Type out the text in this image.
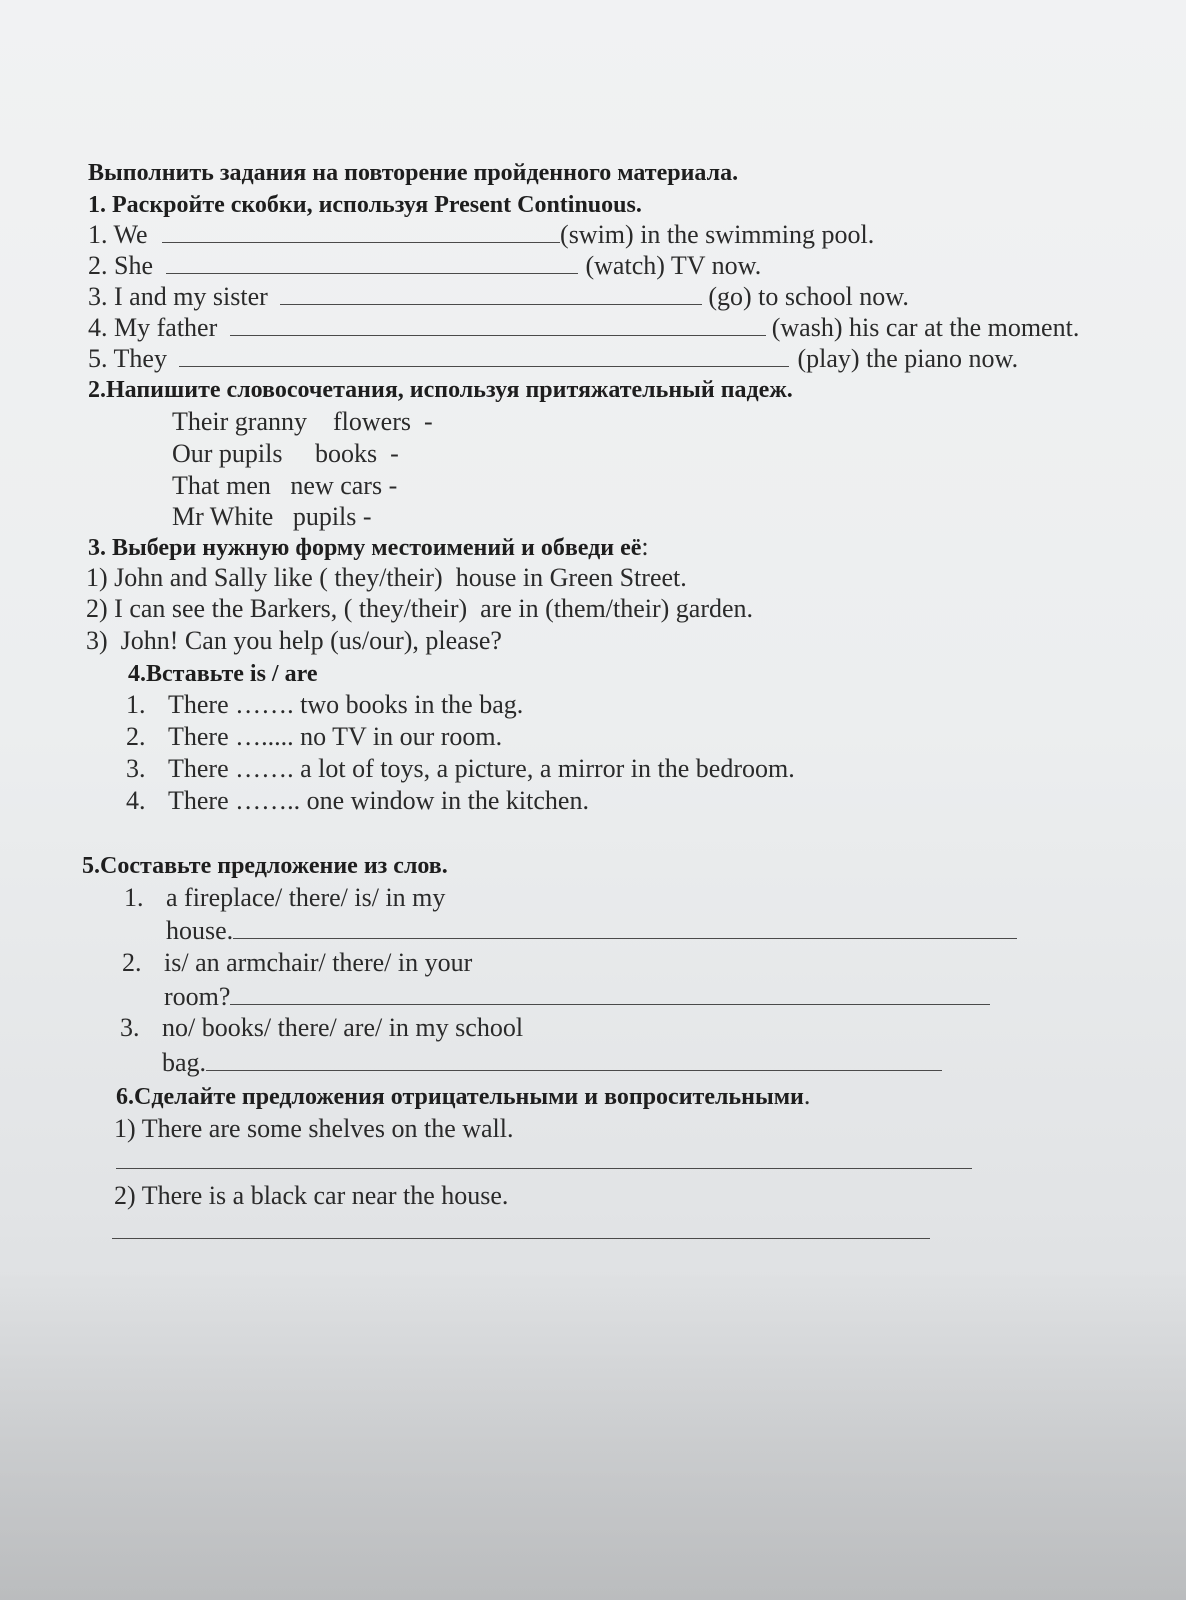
Выполнить задания на повторение пройденного материала.
1. Раскройте скобки, используя Present Continuous.
1. We	(swim) in the swimming pool.
2. She	(watch) TV now.
3. I and my sister	(go) to school now.
4. My father	(wash) his car at the moment.
5. They	(play) the piano now.
2.Напишите словосочетания, используя притяжательный падеж.
Their granny    flowers  -
Our pupils     books  -
That men   new cars -
Mr White   pupils -
3. Выбери нужную форму местоимений и обведи её:
1) John and Sally like ( they/their)  house in Green Street.
2) I can see the Barkers, ( they/their)  are in (them/their) garden.
3)  John! Can you help (us/our), please?
4.Вставьте is / are
1. There ……. two books in the bag.
2. There …..... no TV in our room.
3. There ……. a lot of toys, a picture, a mirror in the bedroom.
4. There …….. one window in the kitchen.
5.Составьте предложение из слов.
1. a fireplace/ there/ is/ in my
house.
2. is/ an armchair/ there/ in your
room?
3. no/ books/ there/ are/ in my school
bag.
6.Сделайте предложения отрицательными и вопросительными.
1) There are some shelves on the wall.
2) There is a black car near the house.
